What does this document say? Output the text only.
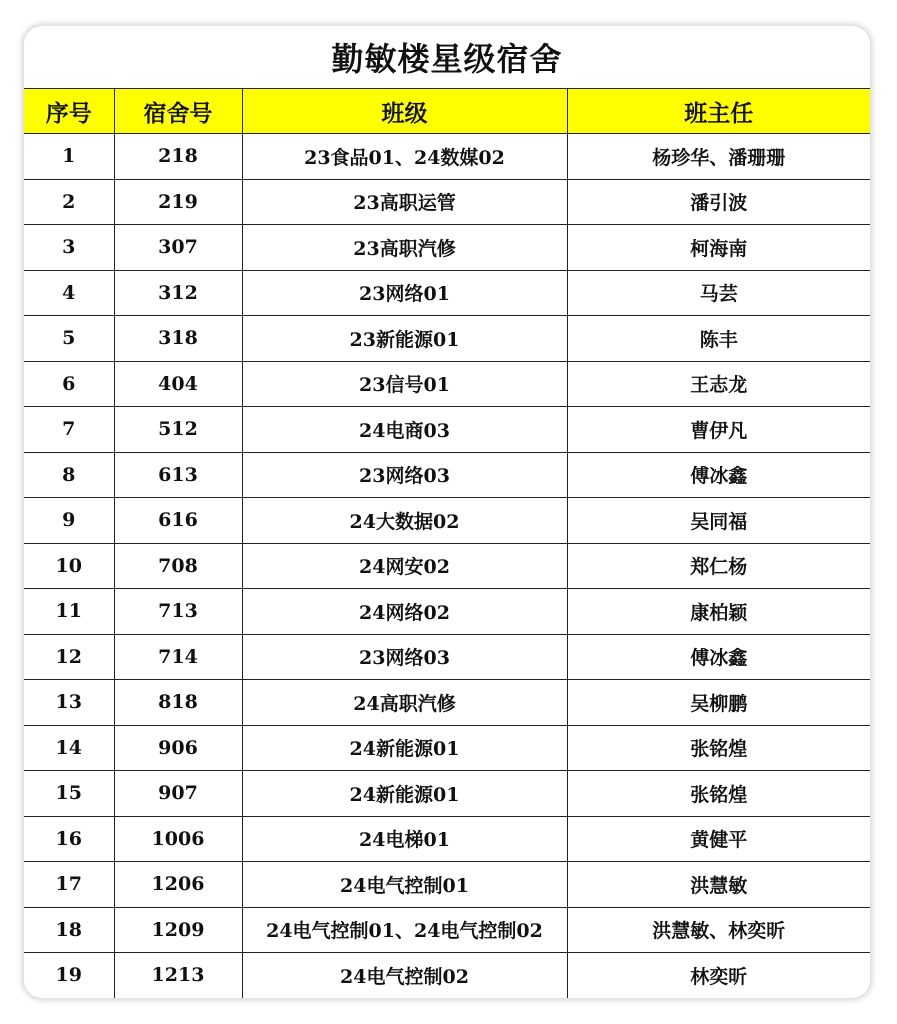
勤敏楼星级宿舍
序号	宿舍号	班级	班主任
1	218	23食品01、24数媒02	杨珍华、潘珊珊
2	219	23高职运管	潘引波
3	307	23高职汽修	柯海南
4	312	23网络01	马芸
5	318	23新能源01	陈丰
6	404	23信号01	王志龙
7	512	24电商03	曹伊凡
8	613	23网络03	傅冰鑫
9	616	24大数据02	吴同福
10	708	24网安02	郑仁杨
11	713	24网络02	康柏颖
12	714	23网络03	傅冰鑫
13	818	24高职汽修	吴柳鹏
14	906	24新能源01	张铭煌
15	907	24新能源01	张铭煌
16	1006	24电梯01	黄健平
17	1206	24电气控制01	洪慧敏
18	1209	24电气控制01、24电气控制02	洪慧敏、林奕昕
19	1213	24电气控制02	林奕昕
